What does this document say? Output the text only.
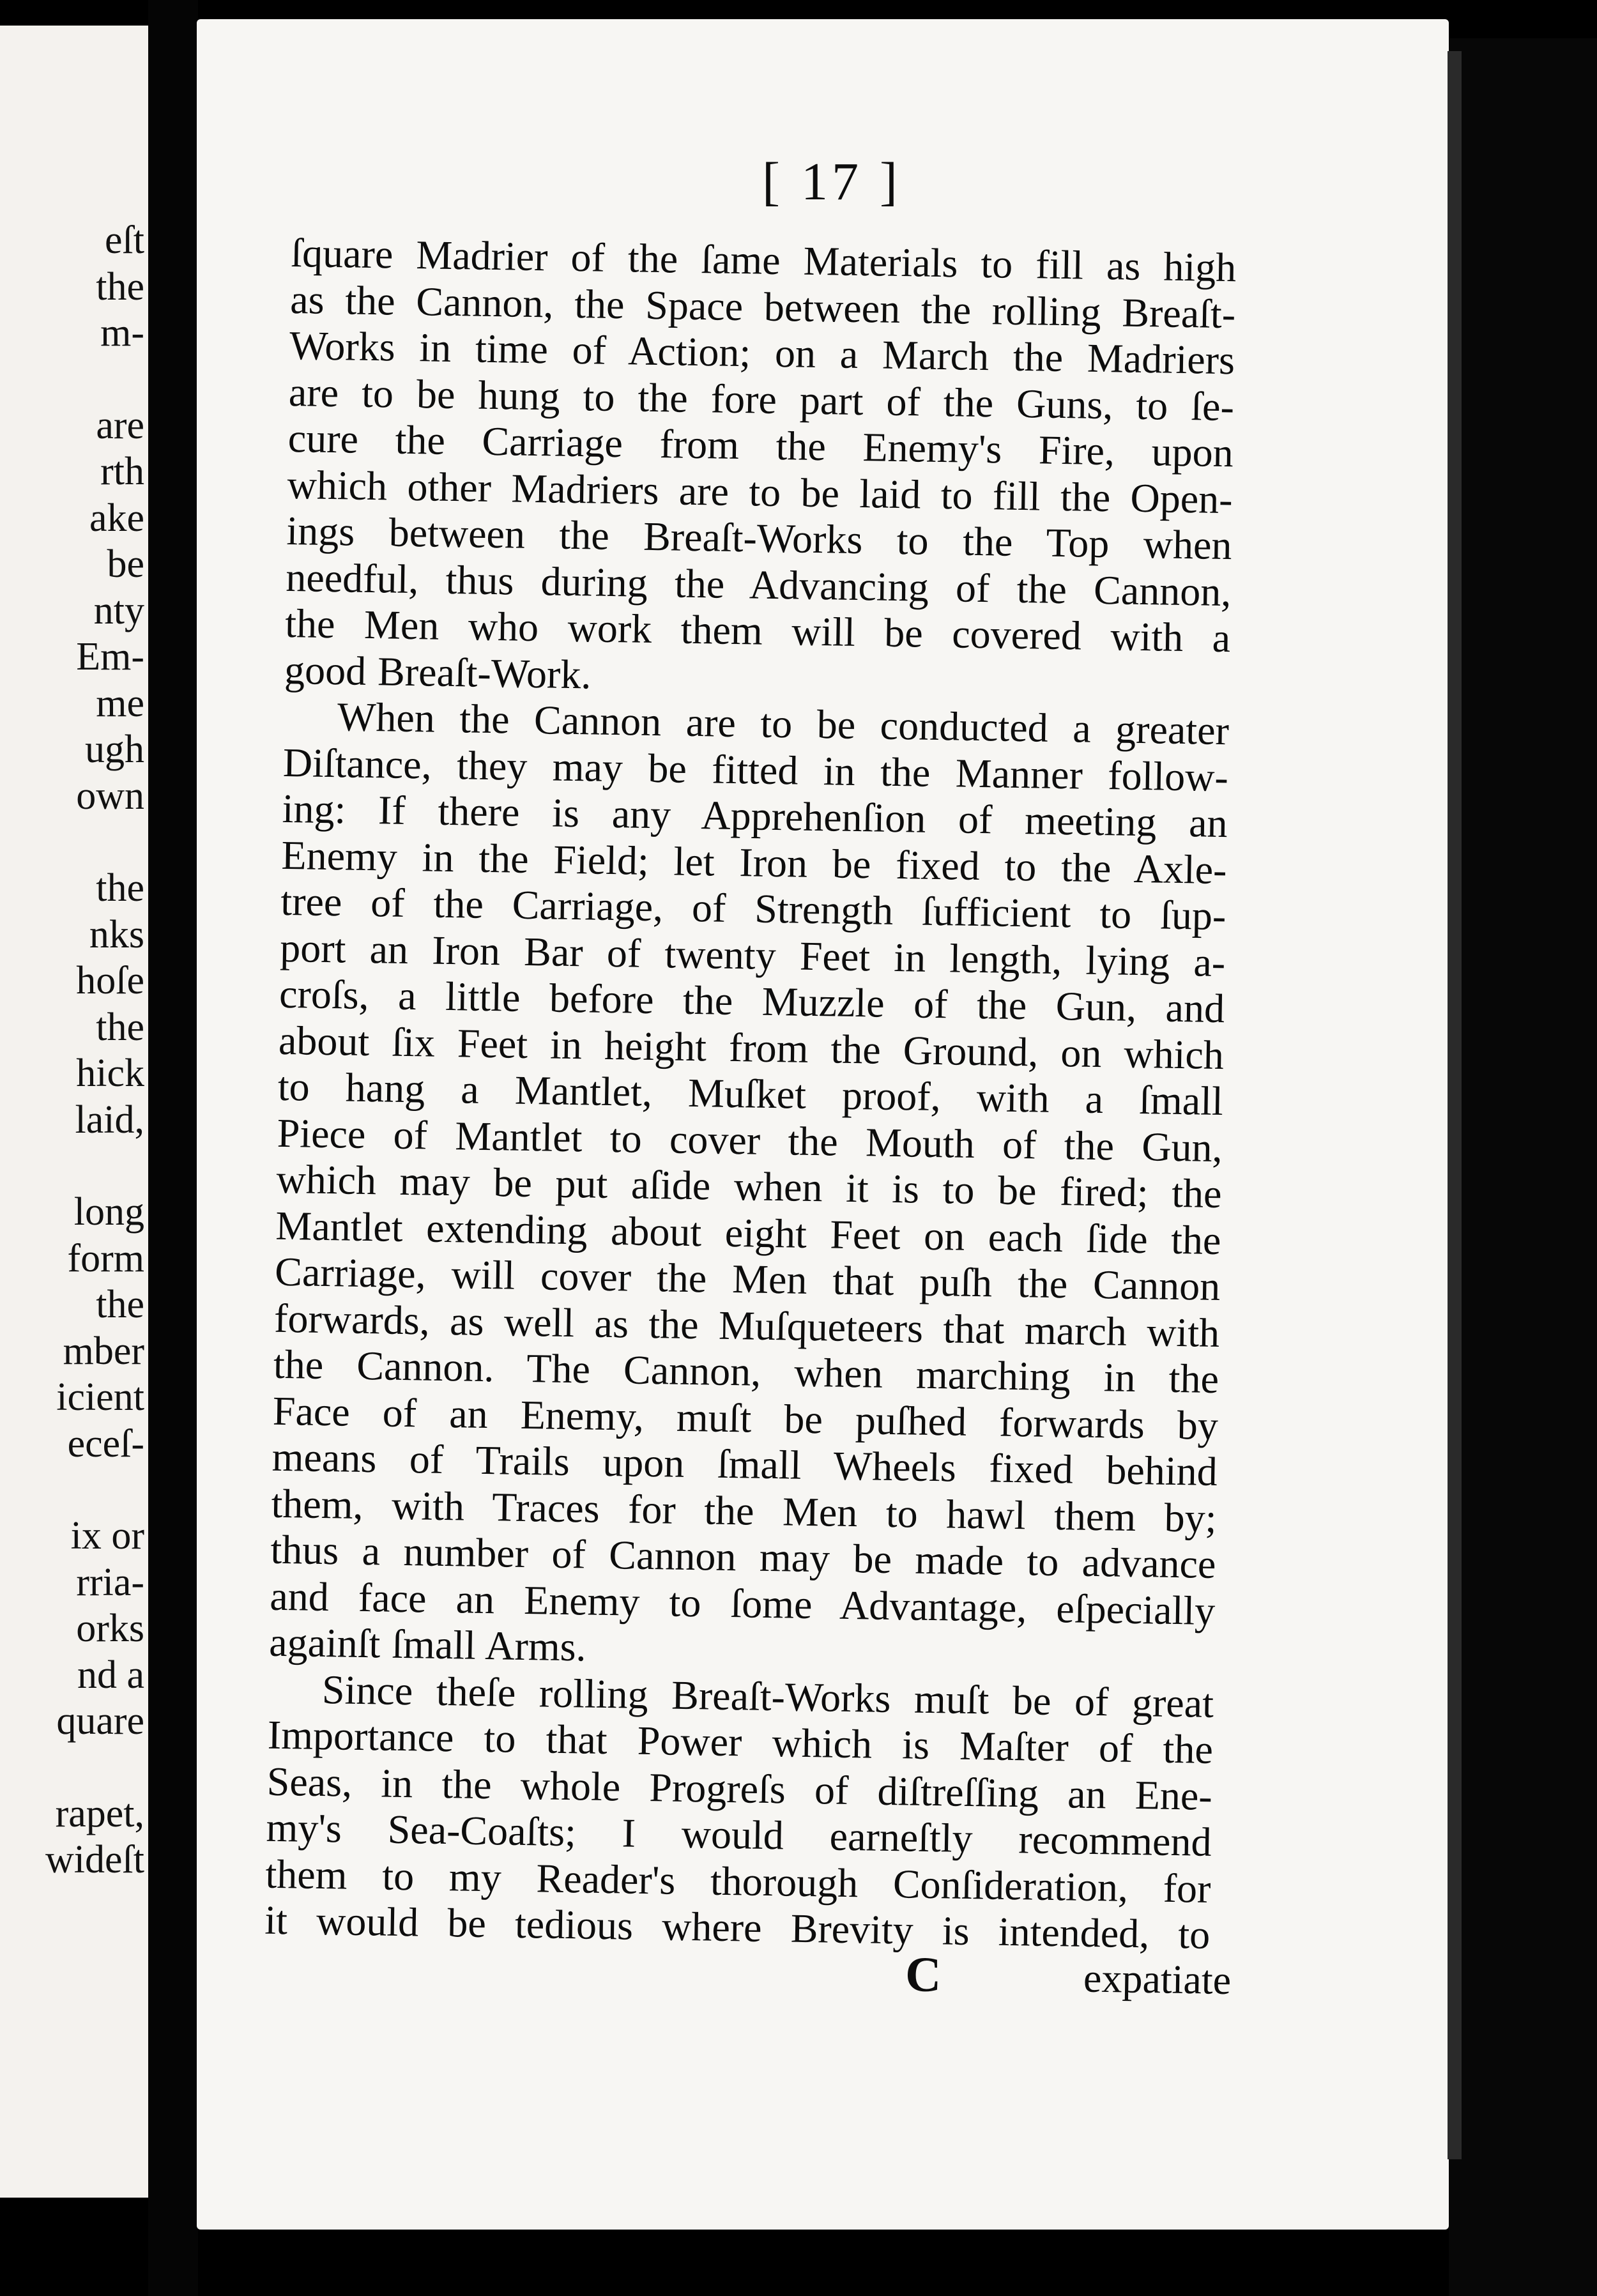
eſt
the
m-
are
rth
ake
be
nty
Em-
me
ugh
own
the
nks
hoſe
the
hick
laid,
long
form
the
mber
icient
eceſ-
ix or
rria-
orks
nd a
quare
rapet,
wideſt
[ 17 ]
ſquare Madrier of the ſame Materials to fill as high
as the Cannon, the Space between the rolling Breaſt-
Works in time of Action; on a March the Madriers
are to be hung to the fore part of the Guns, to ſe-
cure the Carriage from the Enemy's Fire, upon
which other Madriers are to be laid to fill the Open-
ings between the Breaſt-Works to the Top when
needful, thus during the Advancing of the Cannon,
the Men who work them will be covered with a
good Breaſt-Work.
When the Cannon are to be conducted a greater
Diſtance, they may be fitted in the Manner follow-
ing: If there is any Apprehenſion of meeting an
Enemy in the Field; let Iron be fixed to the Axle-
tree of the Carriage, of Strength ſufficient to ſup-
port an Iron Bar of twenty Feet in length, lying a-
croſs, a little before the Muzzle of the Gun, and
about ſix Feet in height from the Ground, on which
to hang a Mantlet, Muſket proof, with a ſmall
Piece of Mantlet to cover the Mouth of the Gun,
which may be put aſide when it is to be fired; the
Mantlet extending about eight Feet on each ſide the
Carriage, will cover the Men that puſh the Cannon
forwards, as well as the Muſqueteers that march with
the Cannon. The Cannon, when marching in the
Face of an Enemy, muſt be puſhed forwards by
means of Trails upon ſmall Wheels fixed behind
them, with Traces for the Men to hawl them by;
thus a number of Cannon may be made to advance
and face an Enemy to ſome Advantage, eſpecially
againſt ſmall Arms.
Since theſe rolling Breaſt-Works muſt be of great
Importance to that Power which is Maſter of the
Seas, in the whole Progreſs of diſtreſſing an Ene-
my's Sea-Coaſts; I would earneſtly recommend
them to my Reader's thorough Conſideration, for
it would be tedious where Brevity is intended, to
C	expatiate
